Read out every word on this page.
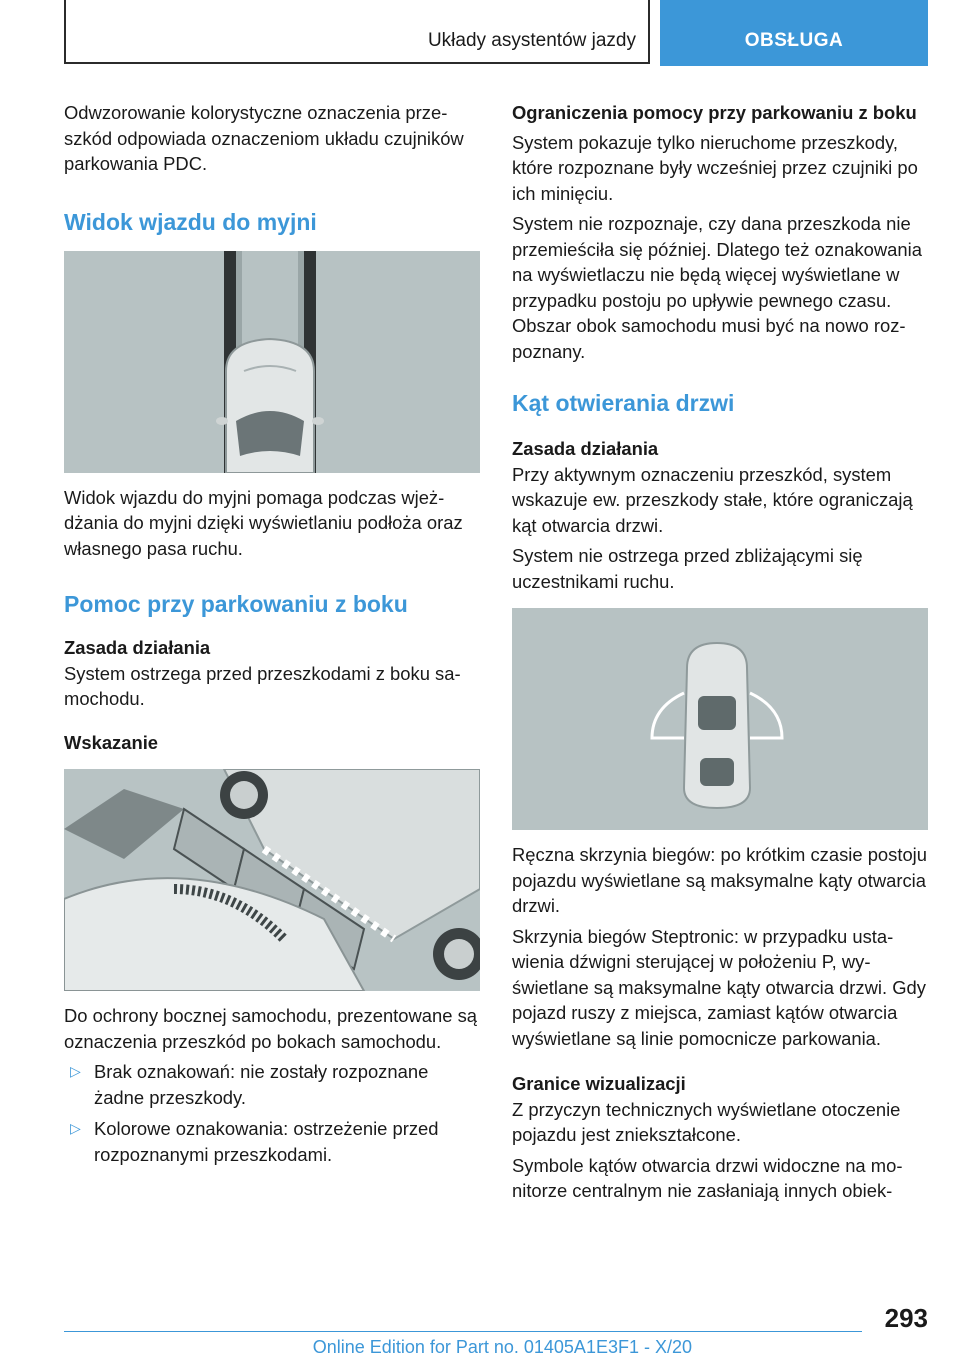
Układy asystentów jazdy	OBSŁUGA

Odwzorowanie kolorystyczne oznaczenia przeszkód odpowiada oznaczeniom układu czujników parkowania PDC.

Widok wjazdu do myjni

Widok wjazdu do myjni pomaga podczas wjeżdżania do myjni dzięki wyświetlaniu podłoża oraz własnego pasa ruchu.

Pomoc przy parkowaniu z boku
Zasada działania

System ostrzega przed przeszkodami z boku samochodu.

Wskazanie

Do ochrony bocznej samochodu, prezentowane są oznaczenia przeszkód po bokach samochodu.

▷ Brak oznakowań: nie zostały rozpoznane żadne przeszkody.
▷ Kolorowe oznakowania: ostrzeżenie przed rozpoznanymi przeszkodami.
Ograniczenia pomocy przy parkowaniu z boku

System pokazuje tylko nieruchome przeszkody, które rozpoznane były wcześniej przez czujniki po ich minięciu.

System nie rozpoznaje, czy dana przeszkoda nie przemieściła się później. Dlatego też oznakowania na wyświetlaczu nie będą więcej wyświetlane w przypadku postoju po upływie pewnego czasu. Obszar obok samochodu musi być na nowo rozpoznany.

Kąt otwierania drzwi
Zasada działania

Przy aktywnym oznaczeniu przeszkód, system wskazuje ew. przeszkody stałe, które ograniczają kąt otwarcia drzwi.

System nie ostrzega przed zbliżającymi się uczestnikami ruchu.

Ręczna skrzynia biegów: po krótkim czasie postoju pojazdu wyświetlane są maksymalne kąty otwarcia drzwi.

Skrzynia biegów Steptronic: w przypadku ustawienia dźwigni sterującej w położeniu P, wyświetlane są maksymalne kąty otwarcia drzwi. Gdy pojazd ruszy z miejsca, zamiast kątów otwarcia wyświetlane są linie pomocnicze parkowania.

Granice wizualizacji

Z przyczyn technicznych wyświetlane otoczenie pojazdu jest zniekształcone.

Symbole kątów otwarcia drzwi widoczne na monitorze centralnym nie zasłaniają innych obiek-

293
Online Edition for Part no. 01405A1E3F1 - X/20
